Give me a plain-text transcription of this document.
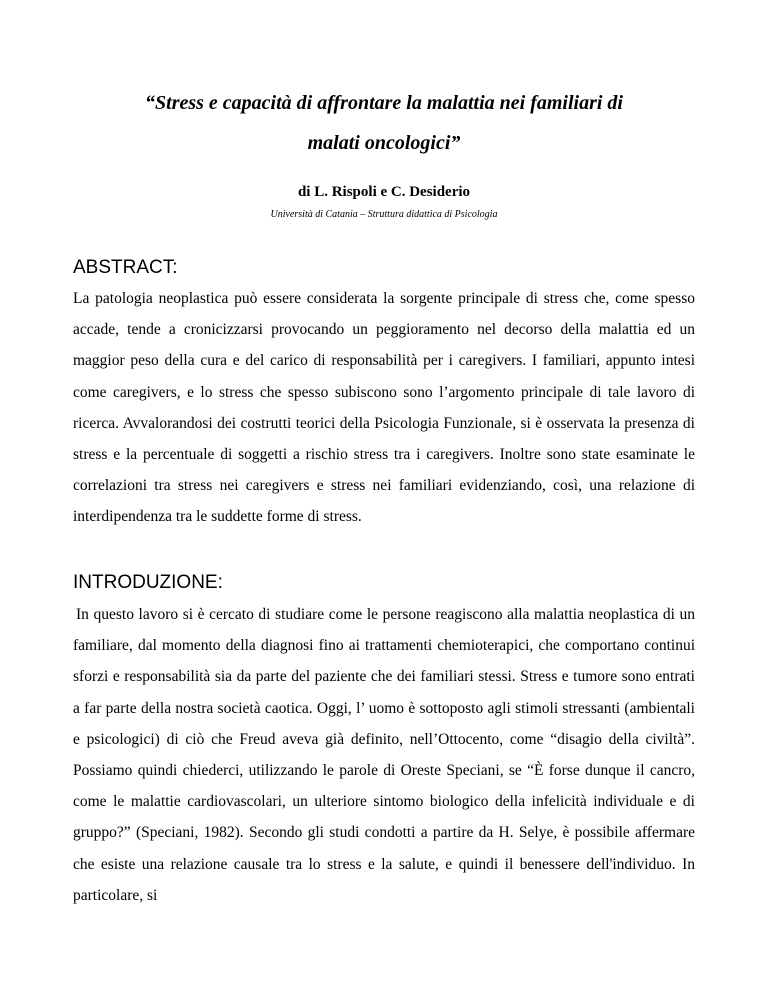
“Stress e capacità di affrontare la malattia nei familiari di
malati oncologici”

di L. Rispoli e C. Desiderio

Università di Catania – Struttura didattica di Psicologia

ABSTRACT:

La patologia neoplastica può essere considerata la sorgente principale di stress che, come spesso accade, tende a cronicizzarsi provocando un peggioramento nel decorso della malattia ed un maggior peso della cura e del carico di responsabilità per i caregivers. I familiari, appunto intesi come caregivers, e lo stress che spesso subiscono sono l’argomento principale di tale lavoro di ricerca. Avvalorandosi dei costrutti teorici della Psicologia Funzionale, si è osservata la presenza di stress e la percentuale di soggetti a rischio stress tra i caregivers. Inoltre sono state esaminate le correlazioni tra stress nei caregivers e stress nei familiari evidenziando, così, una relazione di interdipendenza tra le suddette forme di stress.

INTRODUZIONE:

In questo lavoro si è cercato di studiare come le persone reagiscono alla malattia neoplastica di un familiare, dal momento della diagnosi fino ai trattamenti chemioterapici, che comportano continui sforzi e responsabilità sia da parte del paziente che dei familiari stessi. Stress e tumore sono entrati a far parte della nostra società caotica. Oggi, l’ uomo è sottoposto agli stimoli stressanti (ambientali e psicologici) di ciò che Freud aveva già definito, nell’Ottocento, come “disagio della civiltà”. Possiamo quindi chiederci, utilizzando le parole di Oreste Speciani, se “È forse dunque il cancro, come le malattie cardiovascolari, un ulteriore sintomo biologico della infelicità individuale e di gruppo?” (Speciani, 1982). Secondo gli studi condotti a partire da H. Selye, è possibile affermare che esiste una relazione causale tra lo stress e la salute, e quindi il benessere dell'individuo. In particolare, si
